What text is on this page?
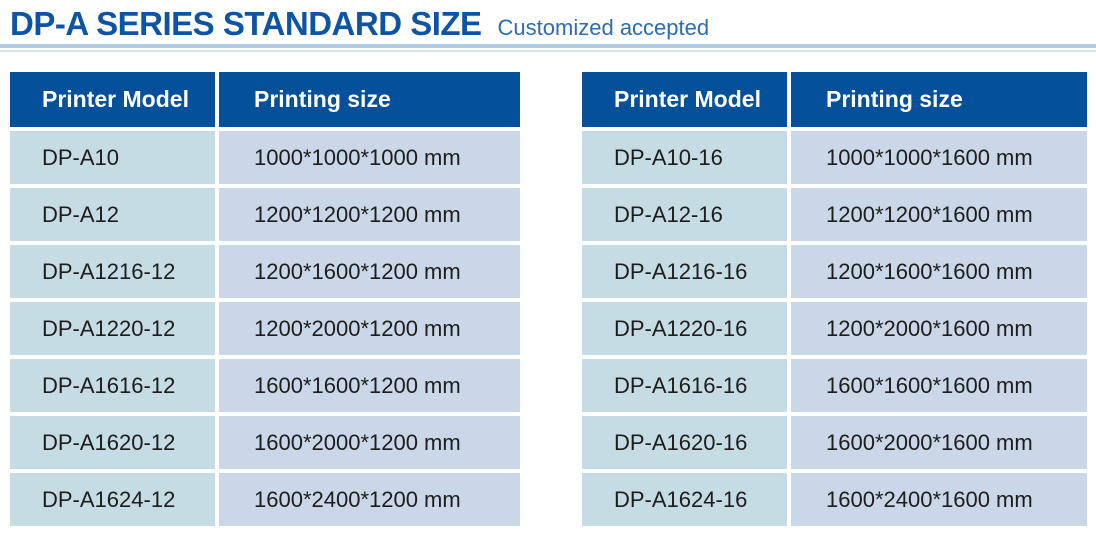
DP-A SERIES STANDARD SIZE Customized accepted
Printer Model	Printing size
DP-A10	1000*1000*1000 mm
DP-A12	1200*1200*1200 mm
DP-A1216-12	1200*1600*1200 mm
DP-A1220-12	1200*2000*1200 mm
DP-A1616-12	1600*1600*1200 mm
DP-A1620-12	1600*2000*1200 mm
DP-A1624-12	1600*2400*1200 mm
Printer Model	Printing size
DP-A10-16	1000*1000*1600 mm
DP-A12-16	1200*1200*1600 mm
DP-A1216-16	1200*1600*1600 mm
DP-A1220-16	1200*2000*1600 mm
DP-A1616-16	1600*1600*1600 mm
DP-A1620-16	1600*2000*1600 mm
DP-A1624-16	1600*2400*1600 mm
